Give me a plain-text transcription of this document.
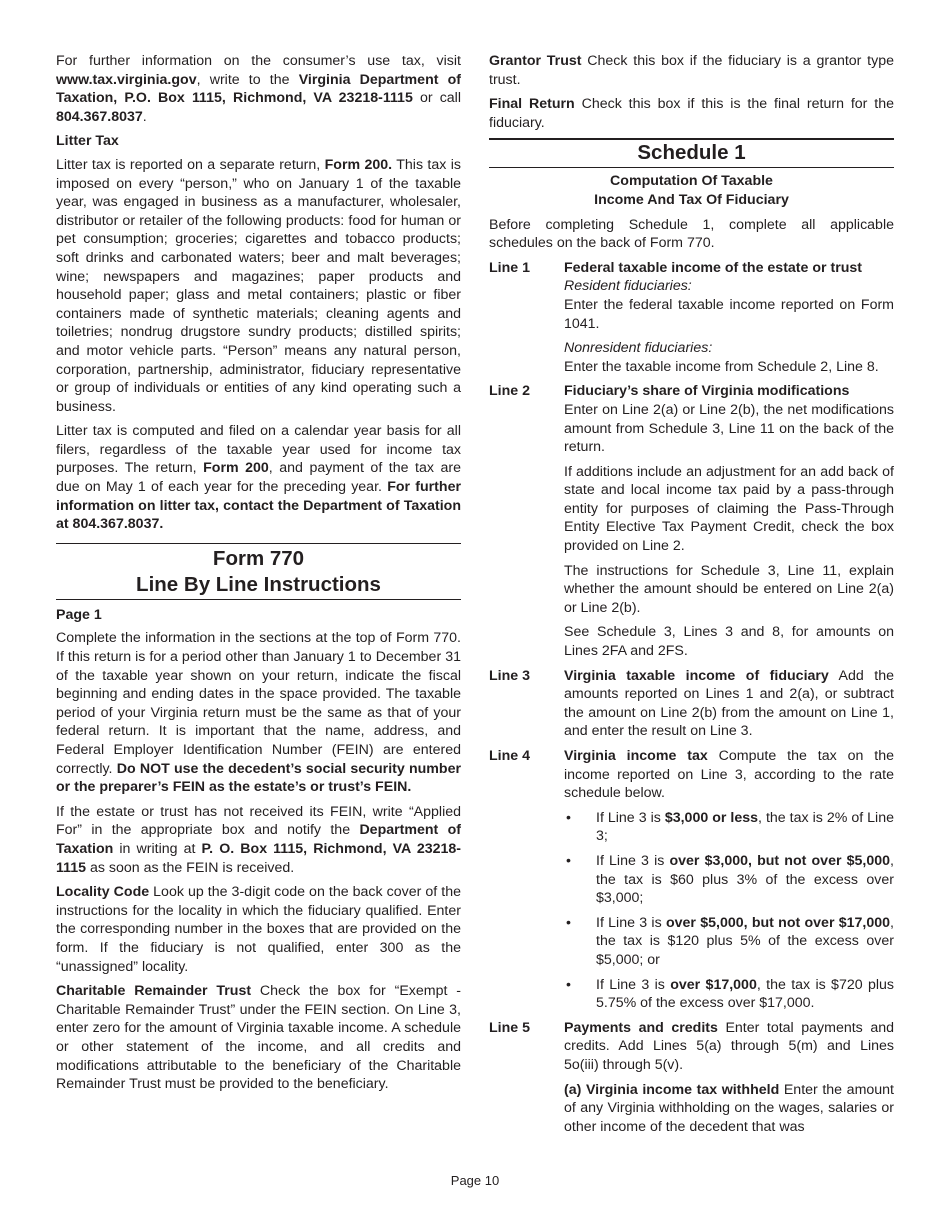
For further information on the consumer’s use tax, visit www.tax.virginia.gov, write to the Virginia Department of Taxation, P.O. Box 1115, Richmond, VA 23218-1115 or call 804.367.8037.

Litter Tax

Litter tax is reported on a separate return, Form 200. This tax is imposed on every “person,” who on January 1 of the taxable year, was engaged in business as a manufacturer, wholesaler, distributor or retailer of the following products: food for human or pet consumption; groceries; cigarettes and tobacco products; soft drinks and carbonated waters; beer and malt beverages; wine; newspapers and magazines; paper products and household paper; glass and metal containers; plastic or fiber containers made of synthetic materials; cleaning agents and toiletries; nondrug drugstore sundry products; distilled spirits; and motor vehicle parts. “Person” means any natural person, corporation, partnership, administrator, fiduciary representative or group of individuals or entities of any kind operating such a business.

Litter tax is computed and filed on a calendar year basis for all filers, regardless of the taxable year used for income tax purposes. The return, Form 200, and payment of the tax are due on May 1 of each year for the preceding year. For further information on litter tax, contact the Department of Taxation at 804.367.8037.

Form 770
Line By Line Instructions

Page 1

Complete the information in the sections at the top of Form 770. If this return is for a period other than January 1 to December 31 of the taxable year shown on your return, indicate the fiscal beginning and ending dates in the space provided. The taxable period of your Virginia return must be the same as that of your federal return. It is important that the name, address, and Federal Employer Identification Number (FEIN) are entered correctly. Do NOT use the decedent’s social security number or the preparer’s FEIN as the estate’s or trust’s FEIN.

If the estate or trust has not received its FEIN, write “Applied For” in the appropriate box and notify the Department of Taxation in writing at P. O. Box 1115, Richmond, VA 23218-1115 as soon as the FEIN is received.

Locality Code Look up the 3-digit code on the back cover of the instructions for the locality in which the fiduciary qualified. Enter the corresponding number in the boxes that are provided on the form. If the fiduciary is not qualified, enter 300 as the “unassigned” locality.

Charitable Remainder Trust Check the box for “Exempt - Charitable Remainder Trust” under the FEIN section. On Line 3, enter zero for the amount of Virginia taxable income. A schedule or other statement of the income, and all credits and modifications attributable to the beneficiary of the Charitable Remainder Trust must be provided to the beneficiary.

Grantor Trust Check this box if the fiduciary is a grantor type trust.

Final Return Check this box if this is the final return for the fiduciary.

Schedule 1
Computation Of Taxable
Income And Tax Of Fiduciary

Before completing Schedule 1, complete all applicable schedules on the back of Form 770.

Line 1	Federal taxable income of the estate or trust
Resident fiduciaries:

Enter the federal taxable income reported on Form 1041.

Nonresident fiduciaries:
Enter the taxable income from Schedule 2, Line 8.
Line 2	Fiduciary’s share of Virginia modifications

Enter on Line 2(a) or Line 2(b), the net modifications amount from Schedule 3, Line 11 on the back of the return.

If additions include an adjustment for an add back of state and local income tax paid by a pass-through entity for purposes of claiming the Pass-Through Entity Elective Tax Payment Credit, check the box provided on Line 2.

The instructions for Schedule 3, Line 11, explain whether the amount should be entered on Line 2(a) or Line 2(b).

See Schedule 3, Lines 3 and 8, for amounts on Lines 2FA and 2FS.

Line 3	Virginia taxable income of fiduciary Add the amounts reported on Lines 1 and 2(a), or subtract the amount on Line 2(b) from the amount on Line 1, and enter the result on Line 3.

Line 4	Virginia income tax Compute the tax on the income reported on Line 3, according to the rate schedule below.

•	If Line 3 is $3,000 or less, the tax is 2% of Line 3;
•	If Line 3 is over $3,000, but not over $5,000, the tax is $60 plus 3% of the excess over $3,000;
•	If Line 3 is over $5,000, but not over $17,000, the tax is $120 plus 5% of the excess over $5,000; or
•	If Line 3 is over $17,000, the tax is $720 plus 5.75% of the excess over $17,000.
Line 5	Payments and credits Enter total payments and credits. Add Lines 5(a) through 5(m) and Lines 5o(iii) through 5(v).

(a) Virginia income tax withheld Enter the amount of any Virginia withholding on the wages, salaries or other income of the decedent that was

Page 10
